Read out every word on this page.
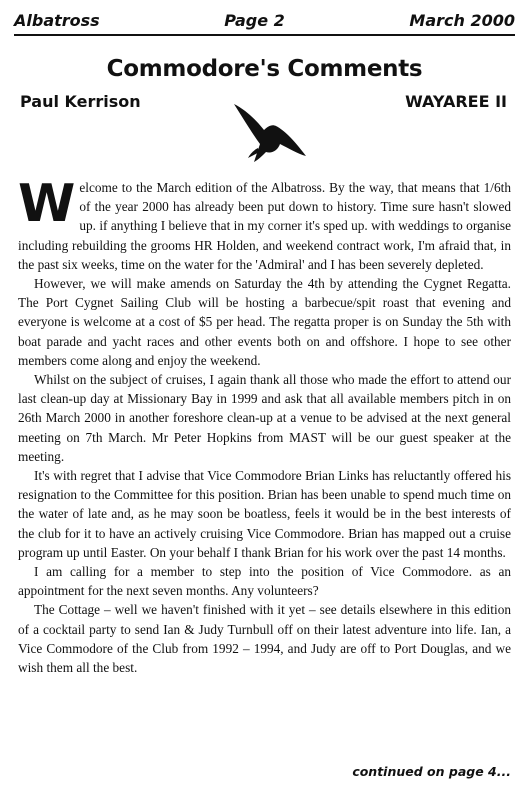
Albatross	Page 2	March 2000
Commodore's Comments
Paul Kerrison	WAYAREE II

Welcome to the March edition of the Albatross. By the way, that means that 1/6th of the year 2000 has already been put down to history. Time sure hasn't slowed up. if anything I believe that in my corner it's sped up. with weddings to organise including rebuilding the grooms HR Holden, and weekend contract work, I'm afraid that, in the past six weeks, time on the water for the 'Admiral' and I has been severely depleted.

However, we will make amends on Saturday the 4th by attending the Cygnet Regatta. The Port Cygnet Sailing Club will be hosting a barbecue/spit roast that evening and everyone is welcome at a cost of $5 per head. The regatta proper is on Sunday the 5th with boat parade and yacht races and other events both on and offshore. I hope to see other members come along and enjoy the weekend.

Whilst on the subject of cruises, I again thank all those who made the effort to attend our last clean-up day at Missionary Bay in 1999 and ask that all available members pitch in on 26th March 2000 in another foreshore clean-up at a venue to be advised at the next general meeting on 7th March. Mr Peter Hopkins from MAST will be our guest speaker at the meeting.

It's with regret that I advise that Vice Commodore Brian Links has reluctantly offered his resignation to the Committee for this position. Brian has been unable to spend much time on the water of late and, as he may soon be boatless, feels it would be in the best interests of the club for it to have an actively cruising Vice Commodore. Brian has mapped out a cruise program up until Easter. On your behalf I thank Brian for his work over the past 14 months.

I am calling for a member to step into the position of Vice Commodore. as an appointment for the next seven months. Any volunteers?

The Cottage – well we haven't finished with it yet – see details elsewhere in this edition of a cocktail party to send Ian & Judy Turnbull off on their latest adventure into life. Ian, a Vice Commodore of the Club from 1992 – 1994, and Judy are off to Port Douglas, and we wish them all the best.

continued on page 4...
